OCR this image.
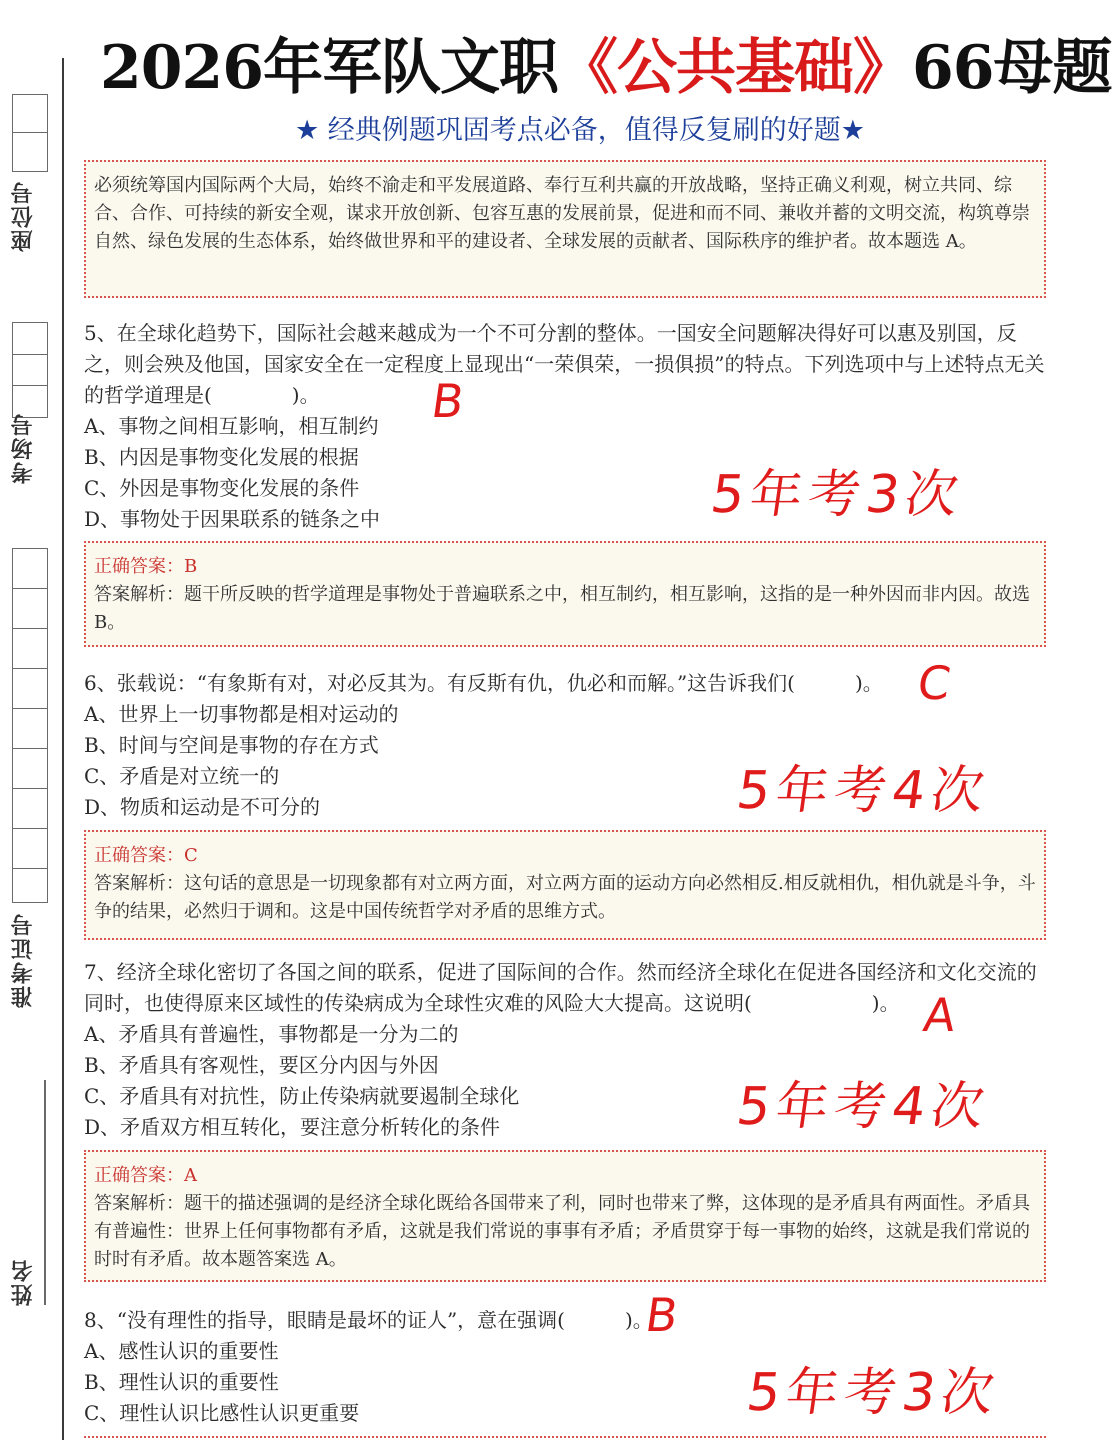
座位号
考场号
准考证号
姓名
2026年军队文职《公共基础》66母题
★ 经典例题巩固考点必备，值得反复刷的好题★
必须统筹国内国际两个大局，始终不渝走和平发展道路、奉行互利共赢的开放战略，坚持正确义利观，树立共同、综合、合作、可持续的新安全观，谋求开放创新、包容互惠的发展前景，促进和而不同、兼收并蓄的文明交流，构筑尊崇自然、绿色发展的生态体系，始终做世界和平的建设者、全球发展的贡献者、国际秩序的维护者。故本题选 A。
5、在全球化趋势下，国际社会越来越成为一个不可分割的整体。一国安全问题解决得好可以惠及别国，反之，则会殃及他国，国家安全在一定程度上显现出“一荣俱荣，一损俱损”的特点。下列选项中与上述特点无关的哲学道理是(　　　　)。
A、事物之间相互影响，相互制约
B、内因是事物变化发展的根据
C、外因是事物变化发展的条件
D、事物处于因果联系的链条之中
B
5年考3次
正确答案：B
答案解析：题干所反映的哲学道理是事物处于普遍联系之中，相互制约，相互影响，这指的是一种外因而非内因。故选 B。
6、张载说：“有象斯有对，对必反其为。有反斯有仇，仇必和而解。”这告诉我们(　　　)。
A、世界上一切事物都是相对运动的
B、时间与空间是事物的存在方式
C、矛盾是对立统一的
D、物质和运动是不可分的
C
5年考4次
正确答案：C
答案解析：这句话的意思是一切现象都有对立两方面，对立两方面的运动方向必然相反.相反就相仇，相仇就是斗争，斗争的结果，必然归于调和。这是中国传统哲学对矛盾的思维方式。
7、经济全球化密切了各国之间的联系，促进了国际间的合作。然而经济全球化在促进各国经济和文化交流的同时，也使得原来区域性的传染病成为全球性灾难的风险大大提高。这说明(　　　　　　)。
A、矛盾具有普遍性，事物都是一分为二的
B、矛盾具有客观性，要区分内因与外因
C、矛盾具有对抗性，防止传染病就要遏制全球化
D、矛盾双方相互转化，要注意分析转化的条件
A
5年考4次
正确答案：A
答案解析：题干的描述强调的是经济全球化既给各国带来了利，同时也带来了弊，这体现的是矛盾具有两面性。矛盾具有普遍性：世界上任何事物都有矛盾，这就是我们常说的事事有矛盾；矛盾贯穿于每一事物的始终，这就是我们常说的时时有矛盾。故本题答案选 A。
8、“没有理性的指导，眼睛是最坏的证人”，意在强调(　　　)。
A、感性认识的重要性
B、理性认识的重要性
C、理性认识比感性认识更重要
B
5年考3次
